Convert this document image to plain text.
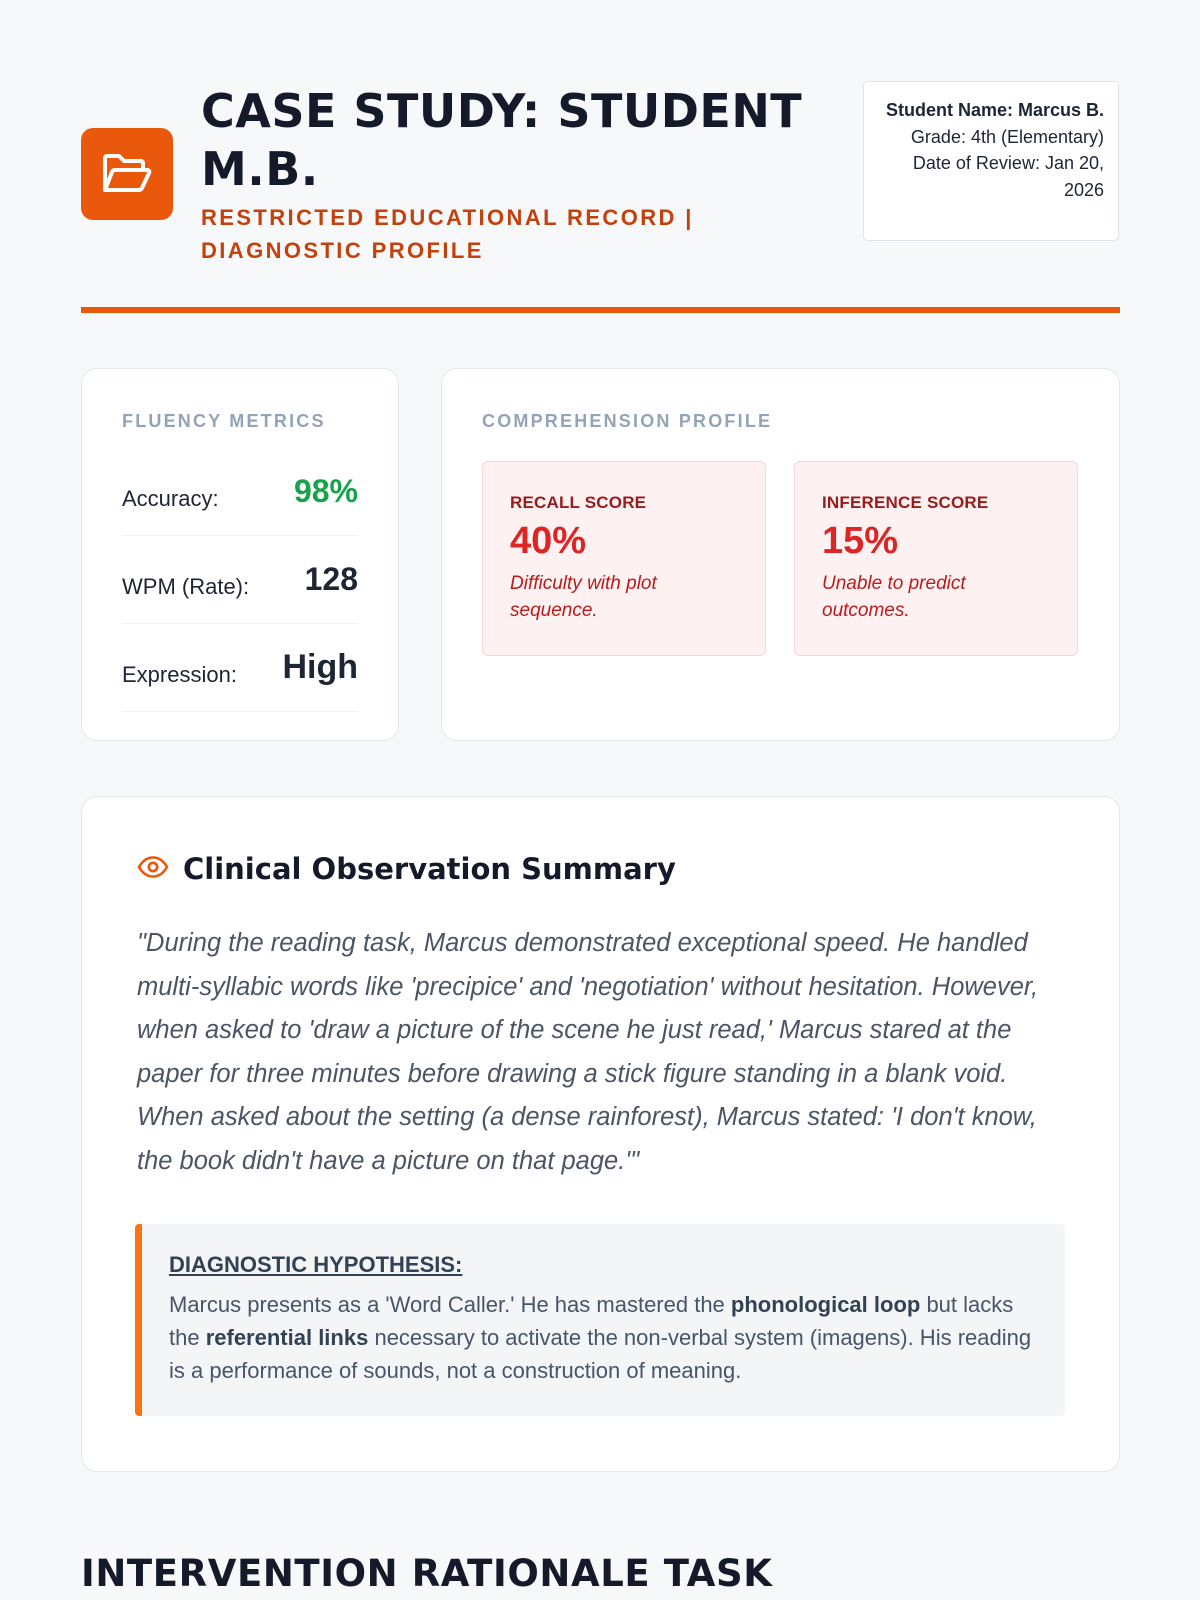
CASE STUDY: STUDENT M.B.
RESTRICTED EDUCATIONAL RECORD | DIAGNOSTIC PROFILE
Student Name: Marcus B.
Grade: 4th (Elementary)
Date of Review: Jan 20, 2026
FLUENCY METRICS
Accuracy: 98%
WPM (Rate): 128
Expression: High
COMPREHENSION PROFILE
RECALL SCORE
40%
Difficulty with plot sequence.
INFERENCE SCORE
15%
Unable to predict outcomes.
Clinical Observation Summary
"During the reading task, Marcus demonstrated exceptional speed. He handled multi-syllabic words like 'precipice' and 'negotiation' without hesitation. However, when asked to 'draw a picture of the scene he just read,' Marcus stared at the paper for three minutes before drawing a stick figure standing in a blank void. When asked about the setting (a dense rainforest), Marcus stated: 'I don't know, the book didn't have a picture on that page.'"
DIAGNOSTIC HYPOTHESIS:
Marcus presents as a 'Word Caller.' He has mastered the phonological loop but lacks the referential links necessary to activate the non-verbal system (imagens). His reading is a performance of sounds, not a construction of meaning.
INTERVENTION RATIONALE TASK
